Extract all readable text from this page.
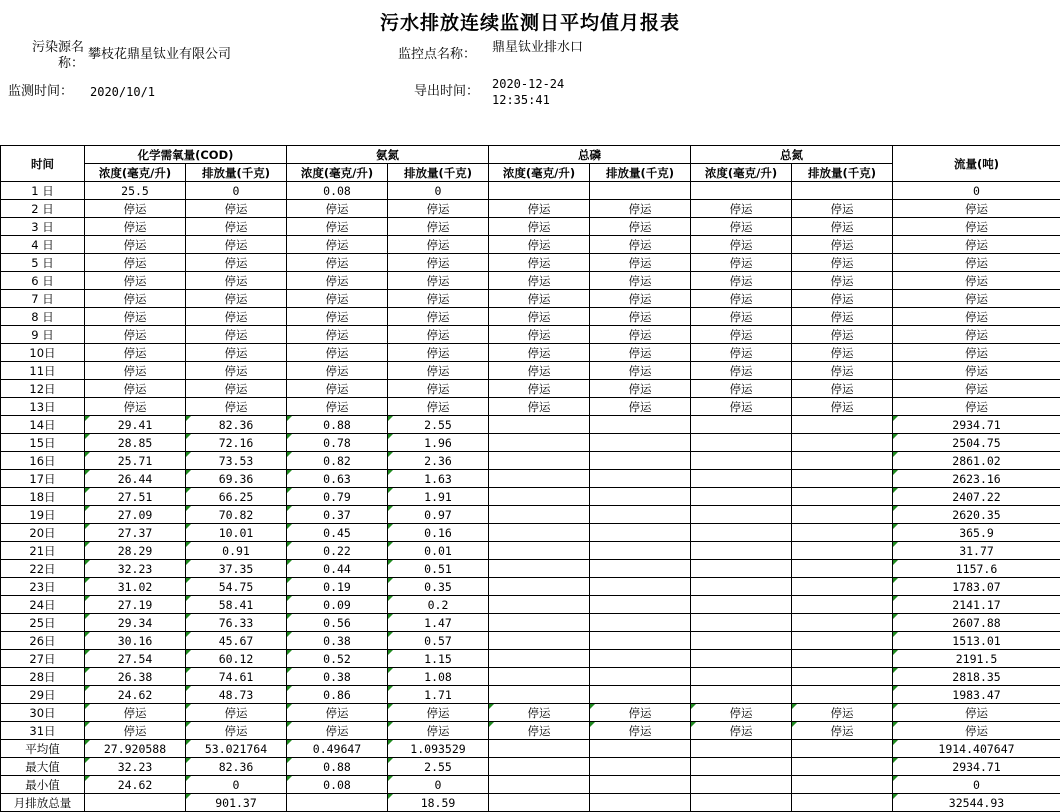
污水排放连续监测日平均值月报表
污染源名称：
攀枝花鼎星钛业有限公司	监控点名称： 鼎星钛业排水口
监测时间： 2020/10/1	导出时间： 2020-12-24 12:35:41
时间	化学需氧量(COD)		氨氮		总磷		总氮		流量(吨)
	浓度(毫克/升)	排放量(千克)	浓度(毫克/升)	排放量(千克)	浓度(毫克/升)	排放量(千克)	浓度(毫克/升)	排放量(千克)	
1 日	25.5	0	0.08	0					0
2 日	停运	停运	停运	停运	停运	停运	停运	停运	停运
3 日	停运	停运	停运	停运	停运	停运	停运	停运	停运
4 日	停运	停运	停运	停运	停运	停运	停运	停运	停运
5 日	停运	停运	停运	停运	停运	停运	停运	停运	停运
6 日	停运	停运	停运	停运	停运	停运	停运	停运	停运
7 日	停运	停运	停运	停运	停运	停运	停运	停运	停运
8 日	停运	停运	停运	停运	停运	停运	停运	停运	停运
9 日	停运	停运	停运	停运	停运	停运	停运	停运	停运
10日	停运	停运	停运	停运	停运	停运	停运	停运	停运
11日	停运	停运	停运	停运	停运	停运	停运	停运	停运
12日	停运	停运	停运	停运	停运	停运	停运	停运	停运
13日	停运	停运	停运	停运	停运	停运	停运	停运	停运
14日	29.41	82.36	0.88	2.55					2934.71
15日	28.85	72.16	0.78	1.96					2504.75
16日	25.71	73.53	0.82	2.36					2861.02
17日	26.44	69.36	0.63	1.63					2623.16
18日	27.51	66.25	0.79	1.91					2407.22
19日	27.09	70.82	0.37	0.97					2620.35
20日	27.37	10.01	0.45	0.16					365.9
21日	28.29	0.91	0.22	0.01					31.77
22日	32.23	37.35	0.44	0.51					1157.6
23日	31.02	54.75	0.19	0.35					1783.07
24日	27.19	58.41	0.09	0.2					2141.17
25日	29.34	76.33	0.56	1.47					2607.88
26日	30.16	45.67	0.38	0.57					1513.01
27日	27.54	60.12	0.52	1.15					2191.5
28日	26.38	74.61	0.38	1.08					2818.35
29日	24.62	48.73	0.86	1.71					1983.47
30日	停运	停运	停运	停运	停运	停运	停运	停运	停运
31日	停运	停运	停运	停运	停运	停运	停运	停运	停运
平均值	27.920588	53.021764	0.49647	1.093529					1914.407647
最大值	32.23	82.36	0.88	2.55					2934.71
最小值	24.62	0	0.08	0					0
月排放总量		901.37		18.59					32544.93
